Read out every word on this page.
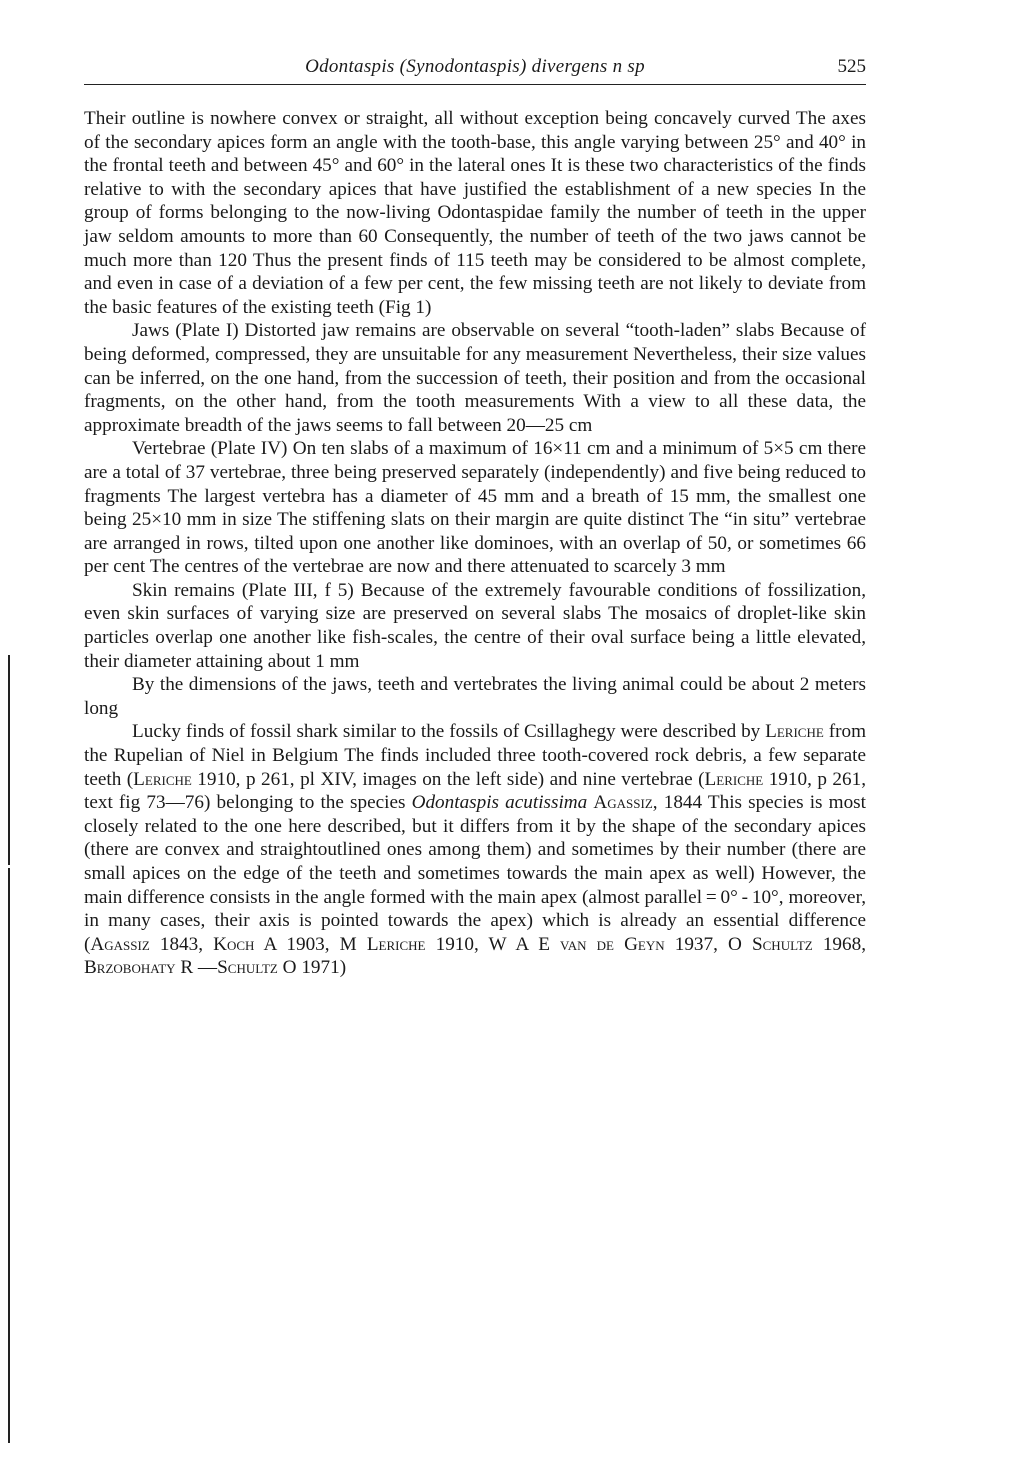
Odontaspis (Synodontaspis) divergens n sp	525

Their outline is nowhere convex or straight, all without exception being concavely curved The axes of the secondary apices form an angle with the tooth-base, this angle varying between 25° and 40° in the frontal teeth and between 45° and 60° in the lateral ones It is these two characteristics of the finds relative to with the secondary apices that have justified the establishment of a new species In the group of forms belonging to the now-living Odontaspidae family the number of teeth in the upper jaw seldom amounts to more than 60 Consequently, the number of teeth of the two jaws cannot be much more than 120 Thus the present finds of 115 teeth may be considered to be almost complete, and even in case of a deviation of a few per cent, the few missing teeth are not likely to deviate from the basic features of the existing teeth (Fig 1)

Jaws (Plate I) Distorted jaw remains are observable on several “tooth-laden” slabs Because of being deformed, compressed, they are unsuitable for any measurement Nevertheless, their size values can be inferred, on the one hand, from the succession of teeth, their position and from the occasional fragments, on the other hand, from the tooth measurements With a view to all these data, the approximate breadth of the jaws seems to fall between 20—25 cm

Vertebrae (Plate IV) On ten slabs of a maximum of 16×11 cm and a minimum of 5×5 cm there are a total of 37 vertebrae, three being preserved separately (independently) and five being reduced to fragments The largest vertebra has a diameter of 45 mm and a breath of 15 mm, the smallest one being 25×10 mm in size The stiffening slats on their margin are quite distinct The “in situ” vertebrae are arranged in rows, tilted upon one another like dominoes, with an overlap of 50, or sometimes 66 per cent The centres of the vertebrae are now and there attenuated to scarcely 3 mm

Skin remains (Plate III, f 5) Because of the extremely favourable conditions of fossilization, even skin surfaces of varying size are preserved on several slabs The mosaics of droplet-like skin particles overlap one another like fish-scales, the centre of their oval surface being a little elevated, their diameter attaining about 1 mm

By the dimensions of the jaws, teeth and vertebrates the living animal could be about 2 meters long

Lucky finds of fossil shark similar to the fossils of Csillaghegy were described by Leriche from the Rupelian of Niel in Belgium The finds included three tooth-covered rock debris, a few separate teeth (Leriche 1910, p 261, pl XIV, images on the left side) and nine vertebrae (Leriche 1910, p 261, text fig 73—76) belonging to the species Odontaspis acutissima Agassiz, 1844 This species is most closely related to the one here described, but it differs from it by the shape of the secondary apices (there are convex and straightoutlined ones among them) and sometimes by their number (there are small apices on the edge of the teeth and sometimes towards the main apex as well) However, the main difference consists in the angle formed with the main apex (almost parallel = 0° - 10°, moreover, in many cases, their axis is pointed towards the apex) which is already an essential difference (Agassiz 1843, Koch A 1903, M Leriche 1910, W A E van de Geyn 1937, O Schultz 1968, Brzobohaty R —Schultz O 1971)
